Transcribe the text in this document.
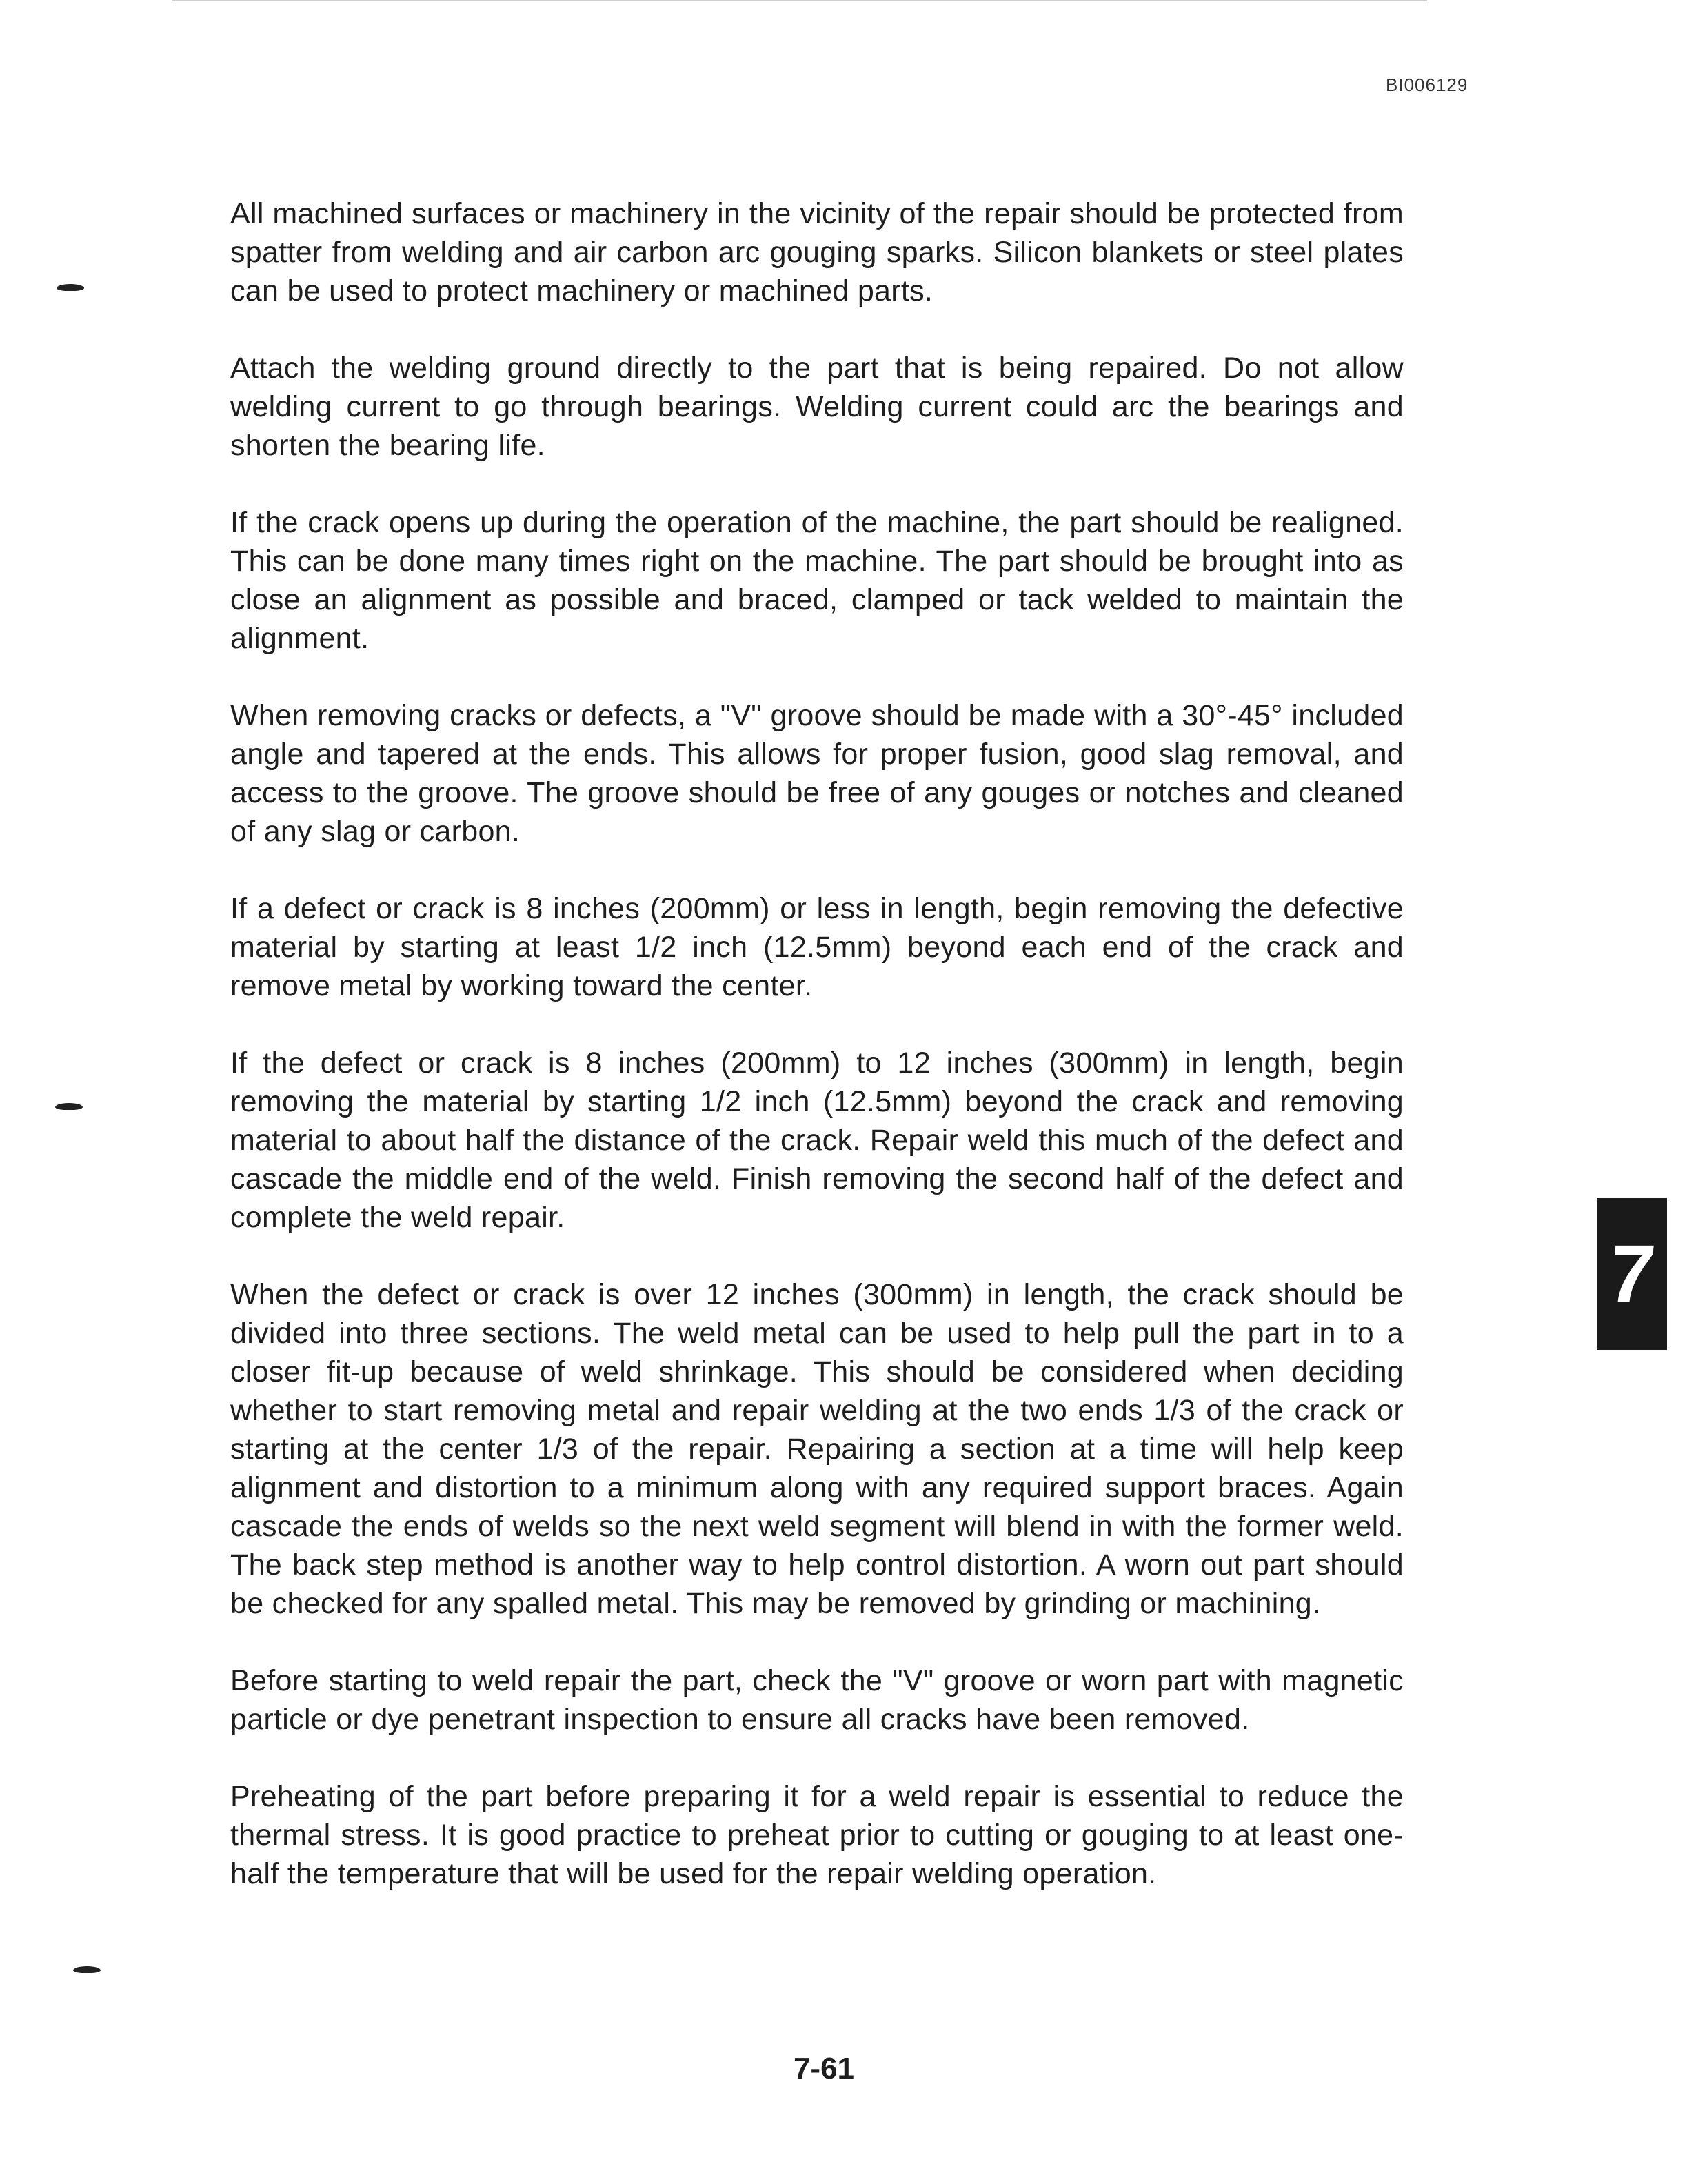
BI006129

All machined surfaces or machinery in the vicinity of the repair should be protected from spatter from welding and air carbon arc gouging sparks. Silicon blankets or steel plates can be used to protect machinery or machined parts.

Attach the welding ground directly to the part that is being repaired. Do not allow welding current to go through bearings. Welding current could arc the bearings and shorten the bearing life.

If the crack opens up during the operation of the machine, the part should be realigned. This can be done many times right on the machine. The part should be brought into as close an alignment as possible and braced, clamped or tack welded to maintain the alignment.

When removing cracks or defects, a "V" groove should be made with a 30°-45° included angle and tapered at the ends. This allows for proper fusion, good slag removal, and access to the groove. The groove should be free of any gouges or notches and cleaned of any slag or carbon.

If a defect or crack is 8 inches (200mm) or less in length, begin removing the defective material by starting at least 1/2 inch (12.5mm) beyond each end of the crack and remove metal by working toward the center.

If the defect or crack is 8 inches (200mm) to 12 inches (300mm) in length, begin removing the material by starting 1/2 inch (12.5mm) beyond the crack and removing material to about half the distance of the crack. Repair weld this much of the defect and cascade the middle end of the weld. Finish removing the second half of the defect and complete the weld repair.

When the defect or crack is over 12 inches (300mm) in length, the crack should be divided into three sections. The weld metal can be used to help pull the part in to a closer fit-up because of weld shrinkage. This should be considered when deciding whether to start removing metal and repair welding at the two ends 1/3 of the crack or starting at the center 1/3 of the repair. Repairing a section at a time will help keep alignment and distortion to a minimum along with any required support braces. Again cascade the ends of welds so the next weld segment will blend in with the former weld. The back step method is another way to help control distortion. A worn out part should be checked for any spalled metal. This may be removed by grinding or machining.

Before starting to weld repair the part, check the "V" groove or worn part with magnetic particle or dye penetrant inspection to ensure all cracks have been removed.

Preheating of the part before preparing it for a weld repair is essential to reduce the thermal stress. It is good practice to preheat prior to cutting or gouging to at least one-half the temperature that will be used for the repair welding operation.

7
7-61
